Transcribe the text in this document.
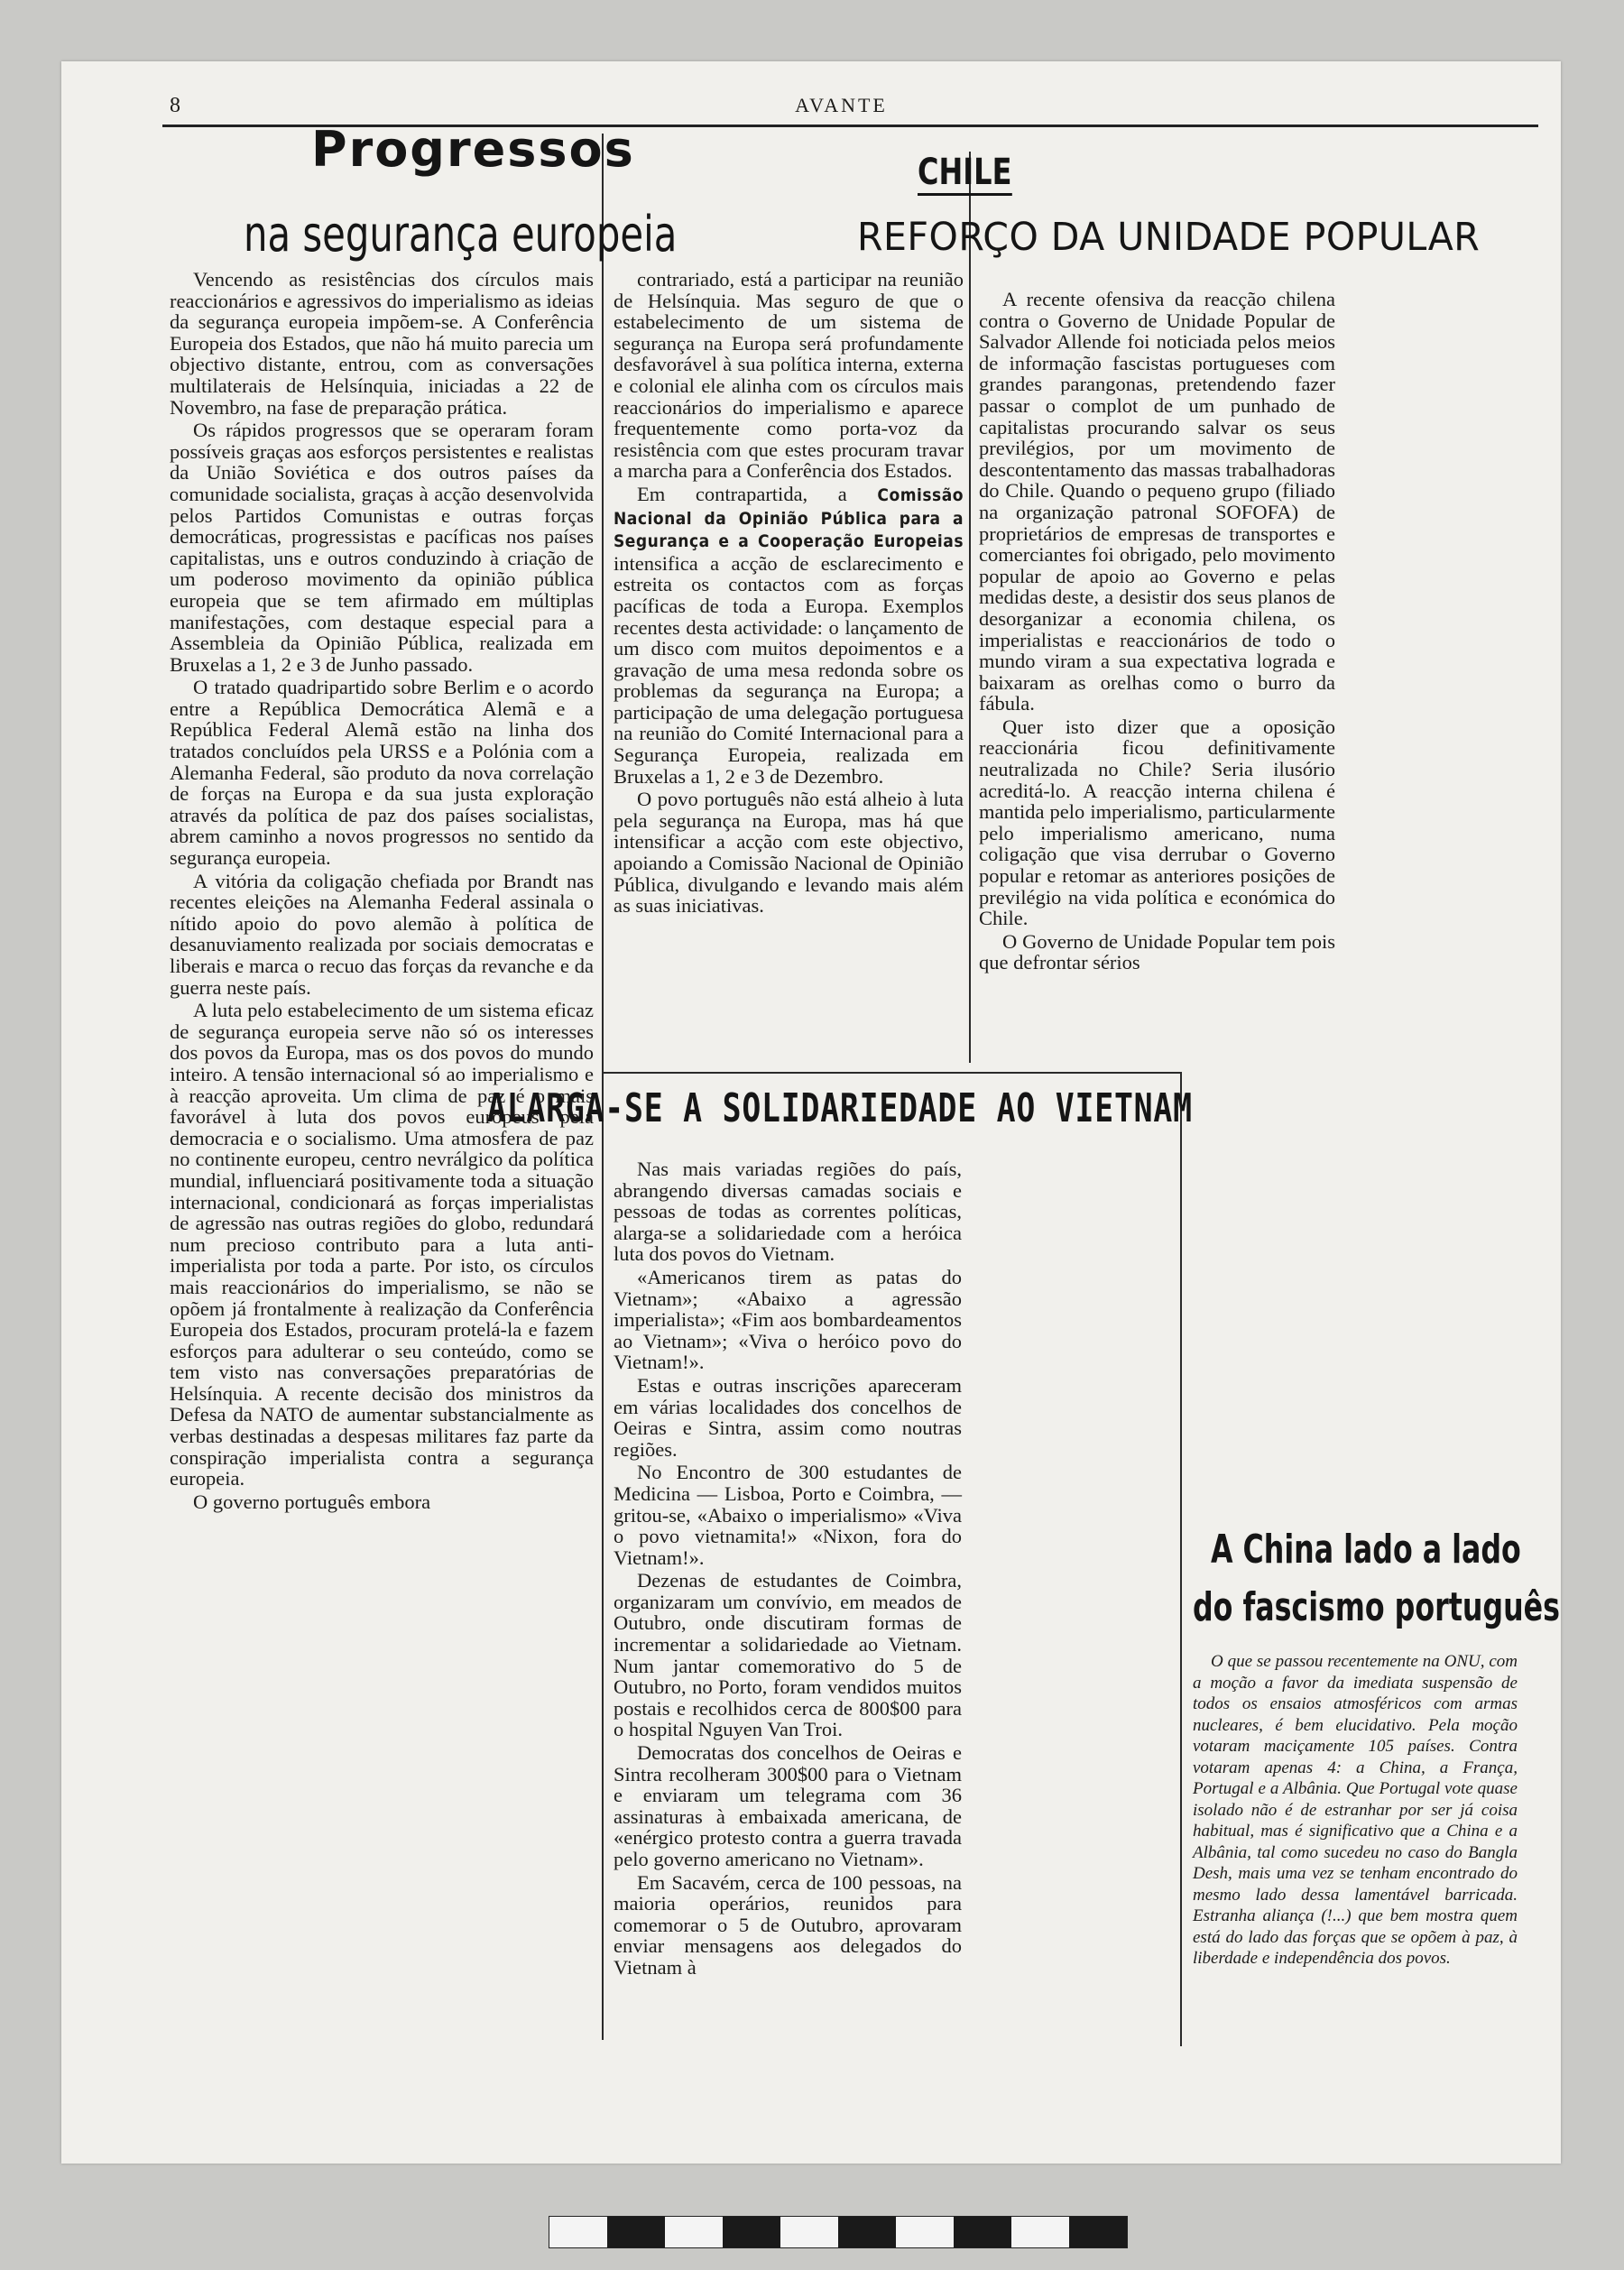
8	AVANTE
Progressos
na segurança europeia

Vencendo as resistências dos círculos mais reaccionários e agressivos do imperialismo as ideias da segurança europeia impõem-se. A Conferência Europeia dos Estados, que não há muito parecia um objectivo distante, entrou, com as conversações multilaterais de Helsínquia, iniciadas a 22 de Novembro, na fase de preparação prática.

Os rápidos progressos que se operaram foram possíveis graças aos esforços persistentes e realistas da União Soviética e dos outros países da comunidade socialista, graças à acção desenvolvida pelos Partidos Comunistas e outras forças democráticas, progressistas e pacíficas nos países capitalistas, uns e outros conduzindo à criação de um poderoso movimento da opinião pública europeia que se tem afirmado em múltiplas manifestações, com destaque especial para a Assembleia da Opinião Pública, realizada em Bruxelas a 1, 2 e 3 de Junho passado.

O tratado quadripartido sobre Berlim e o acordo entre a República Democrática Alemã e a República Federal Alemã estão na linha dos tratados concluídos pela URSS e a Polónia com a Alemanha Federal, são produto da nova correlação de forças na Europa e da sua justa exploração através da política de paz dos países socialistas, abrem caminho a novos progressos no sentido da segurança europeia.

A vitória da coligação chefiada por Brandt nas recentes eleições na Alemanha Federal assinala o nítido apoio do povo alemão à política de desanuviamento realizada por sociais democratas e liberais e marca o recuo das forças da revanche e da guerra neste país.

A luta pelo estabelecimento de um sistema eficaz de segurança europeia serve não só os interesses dos povos da Europa, mas os dos povos do mundo inteiro. A tensão internacional só ao imperialismo e à reacção aproveita. Um clima de paz é o mais favorável à luta dos povos europeus pela democracia e o socialismo. Uma atmosfera de paz no continente europeu, centro nevrálgico da política mundial, influenciará positivamente toda a situação internacional, condicionará as forças imperialistas de agressão nas outras regiões do globo, redundará num precioso contributo para a luta anti-imperialista por toda a parte. Por isto, os círculos mais reaccionários do imperialismo, se não se opõem já frontalmente à realização da Conferência Europeia dos Estados, procuram protelá-la e fazem esforços para adulterar o seu conteúdo, como se tem visto nas conversações preparatórias de Helsínquia. A recente decisão dos ministros da Defesa da NATO de aumentar substancialmente as verbas destinadas a despesas militares faz parte da conspiração imperialista contra a segurança europeia.

O governo português embora

contrariado, está a participar na reunião de Helsínquia. Mas seguro de que o estabelecimento de um sistema de segurança na Europa será profundamente desfavorável à sua política interna, externa e colonial ele alinha com os círculos mais reaccionários do imperialismo e aparece frequentemente como porta-voz da resistência com que estes procuram travar a marcha para a Conferência dos Estados.

Em contrapartida, a Comissão Nacional da Opinião Pública para a Segurança e a Cooperação Europeias intensifica a acção de esclarecimento e estreita os contactos com as forças pacíficas de toda a Europa. Exemplos recentes desta actividade: o lançamento de um disco com muitos depoimentos e a gravação de uma mesa redonda sobre os problemas da segurança na Europa; a participação de uma delegação portuguesa na reunião do Comité Internacional para a Segurança Europeia, realizada em Bruxelas a 1, 2 e 3 de Dezembro.

O povo português não está alheio à luta pela segurança na Europa, mas há que intensificar a acção com este objectivo, apoiando a Comissão Nacional de Opinião Pública, divulgando e levando mais além as suas iniciativas.

CHILE
REFORÇO DA UNIDADE POPULAR

A recente ofensiva da reacção chilena contra o Governo de Unidade Popular de Salvador Allende foi noticiada pelos meios de informação fascistas portugueses com grandes parangonas, pretendendo fazer passar o complot de um punhado de capitalistas procurando salvar os seus previlégios, por um movimento de descontentamento das massas trabalhadoras do Chile. Quando o pequeno grupo (filiado na organização patronal SOFOFA) de proprietários de empresas de transportes e comerciantes foi obrigado, pelo movimento popular de apoio ao Governo e pelas medidas deste, a desistir dos seus planos de desorganizar a economia chilena, os imperialistas e reaccionários de todo o mundo viram a sua expectativa lograda e baixaram as orelhas como o burro da fábula.

Quer isto dizer que a oposição reaccionária ficou definitivamente neutralizada no Chile? Seria ilusório acreditá-lo. A reacção interna chilena é mantida pelo imperialismo, particularmente pelo imperialismo americano, numa coligação que visa derrubar o Governo popular e retomar as anteriores posições de previlégio na vida política e económica do Chile.

O Governo de Unidade Popular tem pois que defrontar sérios

ALARGA-SE A SOLIDARIEDADE AO VIETNAM

Nas mais variadas regiões do país, abrangendo diversas camadas sociais e pessoas de todas as correntes políticas, alarga-se a solidariedade com a heróica luta dos povos do Vietnam.

«Americanos tirem as patas do Vietnam»; «Abaixo a agressão imperialista»; «Fim aos bombardeamentos ao Vietnam»; «Viva o heróico povo do Vietnam!».

Estas e outras inscrições apareceram em várias localidades dos concelhos de Oeiras e Sintra, assim como noutras regiões.

No Encontro de 300 estudantes de Medicina — Lisboa, Porto e Coimbra, — gritou-se, «Abaixo o imperialismo» «Viva o povo vietnamita!» «Nixon, fora do Vietnam!».

Dezenas de estudantes de Coimbra, organizaram um convívio, em meados de Outubro, onde discutiram formas de incrementar a solidariedade ao Vietnam. Num jantar comemorativo do 5 de Outubro, no Porto, foram vendidos muitos postais e recolhidos cerca de 800$00 para o hospital Nguyen Van Troi.

Democratas dos concelhos de Oeiras e Sintra recolheram 300$00 para o Vietnam e enviaram um telegrama com 36 assinaturas à embaixada americana, de «enérgico protesto contra a guerra travada pelo governo americano no Vietnam».

Em Sacavém, cerca de 100 pessoas, na maioria operários, reunidos para comemorar o 5 de Outubro, aprovaram enviar mensagens aos delegados do Vietnam à

A China lado a lado
do fascismo português

O que se passou recentemente na ONU, com a moção a favor da imediata suspensão de todos os ensaios atmosféricos com armas nucleares, é bem elucidativo. Pela moção votaram maciçamente 105 países. Contra votaram apenas 4: a China, a França, Portugal e a Albânia. Que Portugal vote quase isolado não é de estranhar por ser já coisa habitual, mas é significativo que a China e a Albânia, tal como sucedeu no caso do Bangla Desh, mais uma vez se tenham encontrado do mesmo lado dessa lamentável barricada. Estranha aliança (!...) que bem mostra quem está do lado das forças que se opõem à paz, à liberdade e independência dos povos.
